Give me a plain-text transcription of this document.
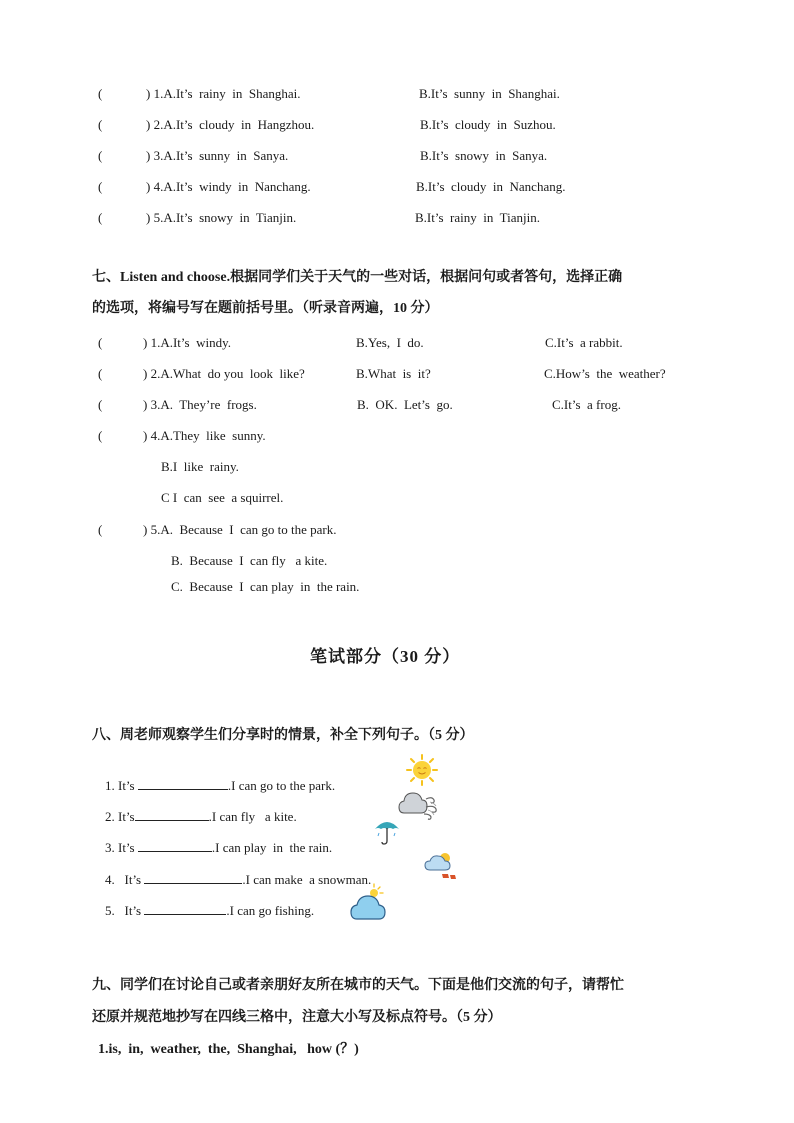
(	) 1.A.It’s  rainy  in  Shanghai.	B.It’s  sunny  in  Shanghai.
(	) 2.A.It’s  cloudy  in  Hangzhou.	B.It’s  cloudy  in  Suzhou.
(	) 3.A.It’s  sunny  in  Sanya.	B.It’s  snowy  in  Sanya.
(	) 4.A.It’s  windy  in  Nanchang.	B.It’s  cloudy  in  Nanchang.
(	) 5.A.It’s  snowy  in  Tianjin.	B.It’s  rainy  in  Tianjin.
七、Listen and choose.根据同学们关于天气的一些对话，根据问句或者答句，选择正确
的选项，将编号写在题前括号里。（听录音两遍，10 分）
(	) 1.A.It’s  windy.	B.Yes,  I  do.	C.It’s  a rabbit.
(	) 2.A.What  do you  look  like?	B.What  is  it?	C.How’s  the  weather?
(	) 3.A.  They’re  frogs.	B.  OK.  Let’s  go.	C.It’s  a frog.
(	) 4.A.They  like  sunny.
B.I  like  rainy.
C I  can  see  a squirrel.
(	) 5.A.  Because  I  can go to the park.
B.  Because  I  can fly   a kite.
C.  Because  I  can play  in  the rain.
笔试部分（30 分）
八、周老师观察学生们分享时的情景，补全下列句子。（5 分）

1. It’s	.I can go to the park.

2. It’s	.I can fly   a kite.

3. It’s	.I can play  in  the rain.

4.   It’s	.I can make  a snowman.

5.   It’s	.I can go fishing.

九、同学们在讨论自己或者亲朋好友所在城市的天气。下面是他们交流的句子，请帮忙
还原并规范地抄写在四线三格中，注意大小写及标点符号。（5 分）
1.is,  in,  weather,  the,  Shanghai,   how (？)
